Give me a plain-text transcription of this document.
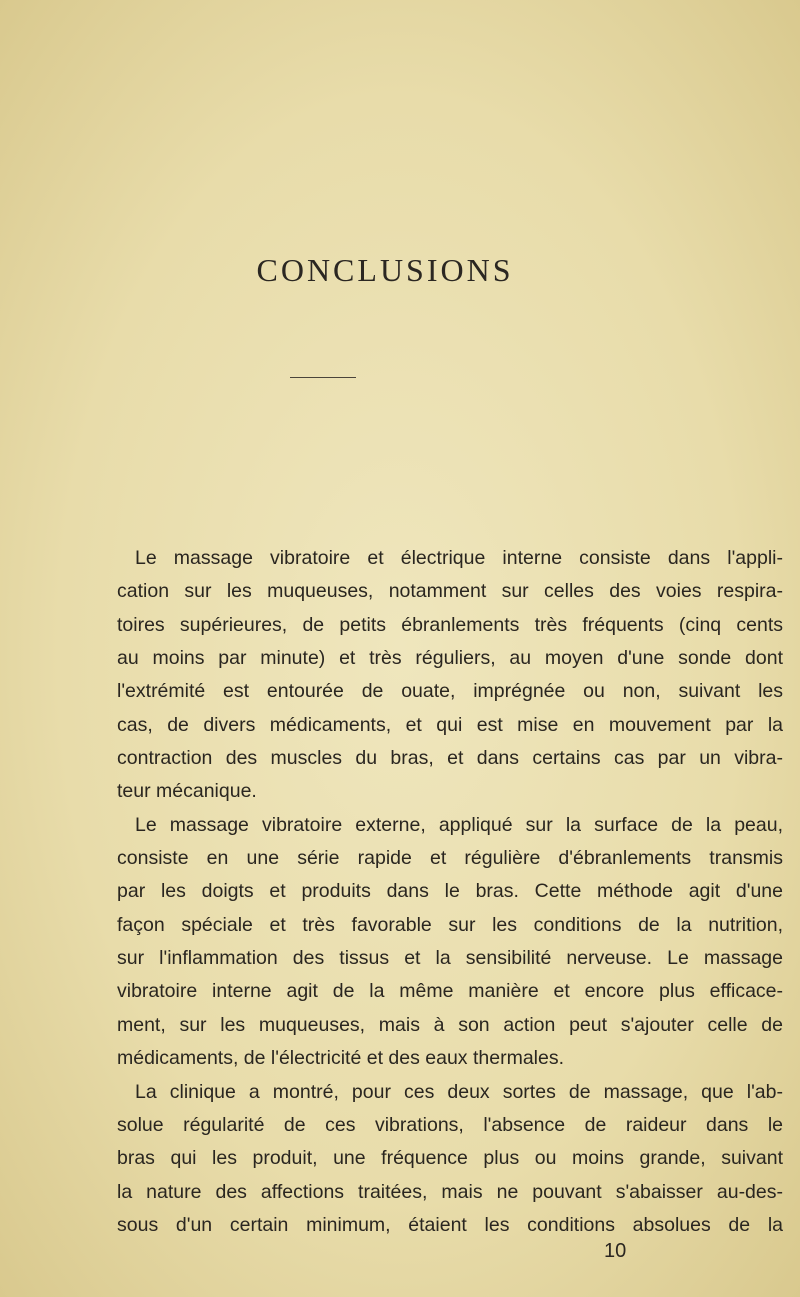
CONCLUSIONS
Le massage vibratoire et électrique interne consiste dans l'appli-
cation sur les muqueuses, notamment sur celles des voies respira-
toires supérieures, de petits ébranlements très fréquents (cinq cents
au moins par minute) et très réguliers, au moyen d'une sonde dont
l'extrémité est entourée de ouate, imprégnée ou non, suivant les
cas, de divers médicaments, et qui est mise en mouvement par la
contraction des muscles du bras, et dans certains cas par un vibra-
teur mécanique.
Le massage vibratoire externe, appliqué sur la surface de la peau,
consiste en une série rapide et régulière d'ébranlements transmis
par les doigts et produits dans le bras. Cette méthode agit d'une
façon spéciale et très favorable sur les conditions de la nutrition,
sur l'inflammation des tissus et la sensibilité nerveuse. Le massage
vibratoire interne agit de la même manière et encore plus efficace-
ment, sur les muqueuses, mais à son action peut s'ajouter celle de
médicaments, de l'électricité et des eaux thermales.
La clinique a montré, pour ces deux sortes de massage, que l'ab-
solue régularité de ces vibrations, l'absence de raideur dans le
bras qui les produit, une fréquence plus ou moins grande, suivant
la nature des affections traitées, mais ne pouvant s'abaisser au-des-
sous d'un certain minimum, étaient les conditions absolues de la
10
